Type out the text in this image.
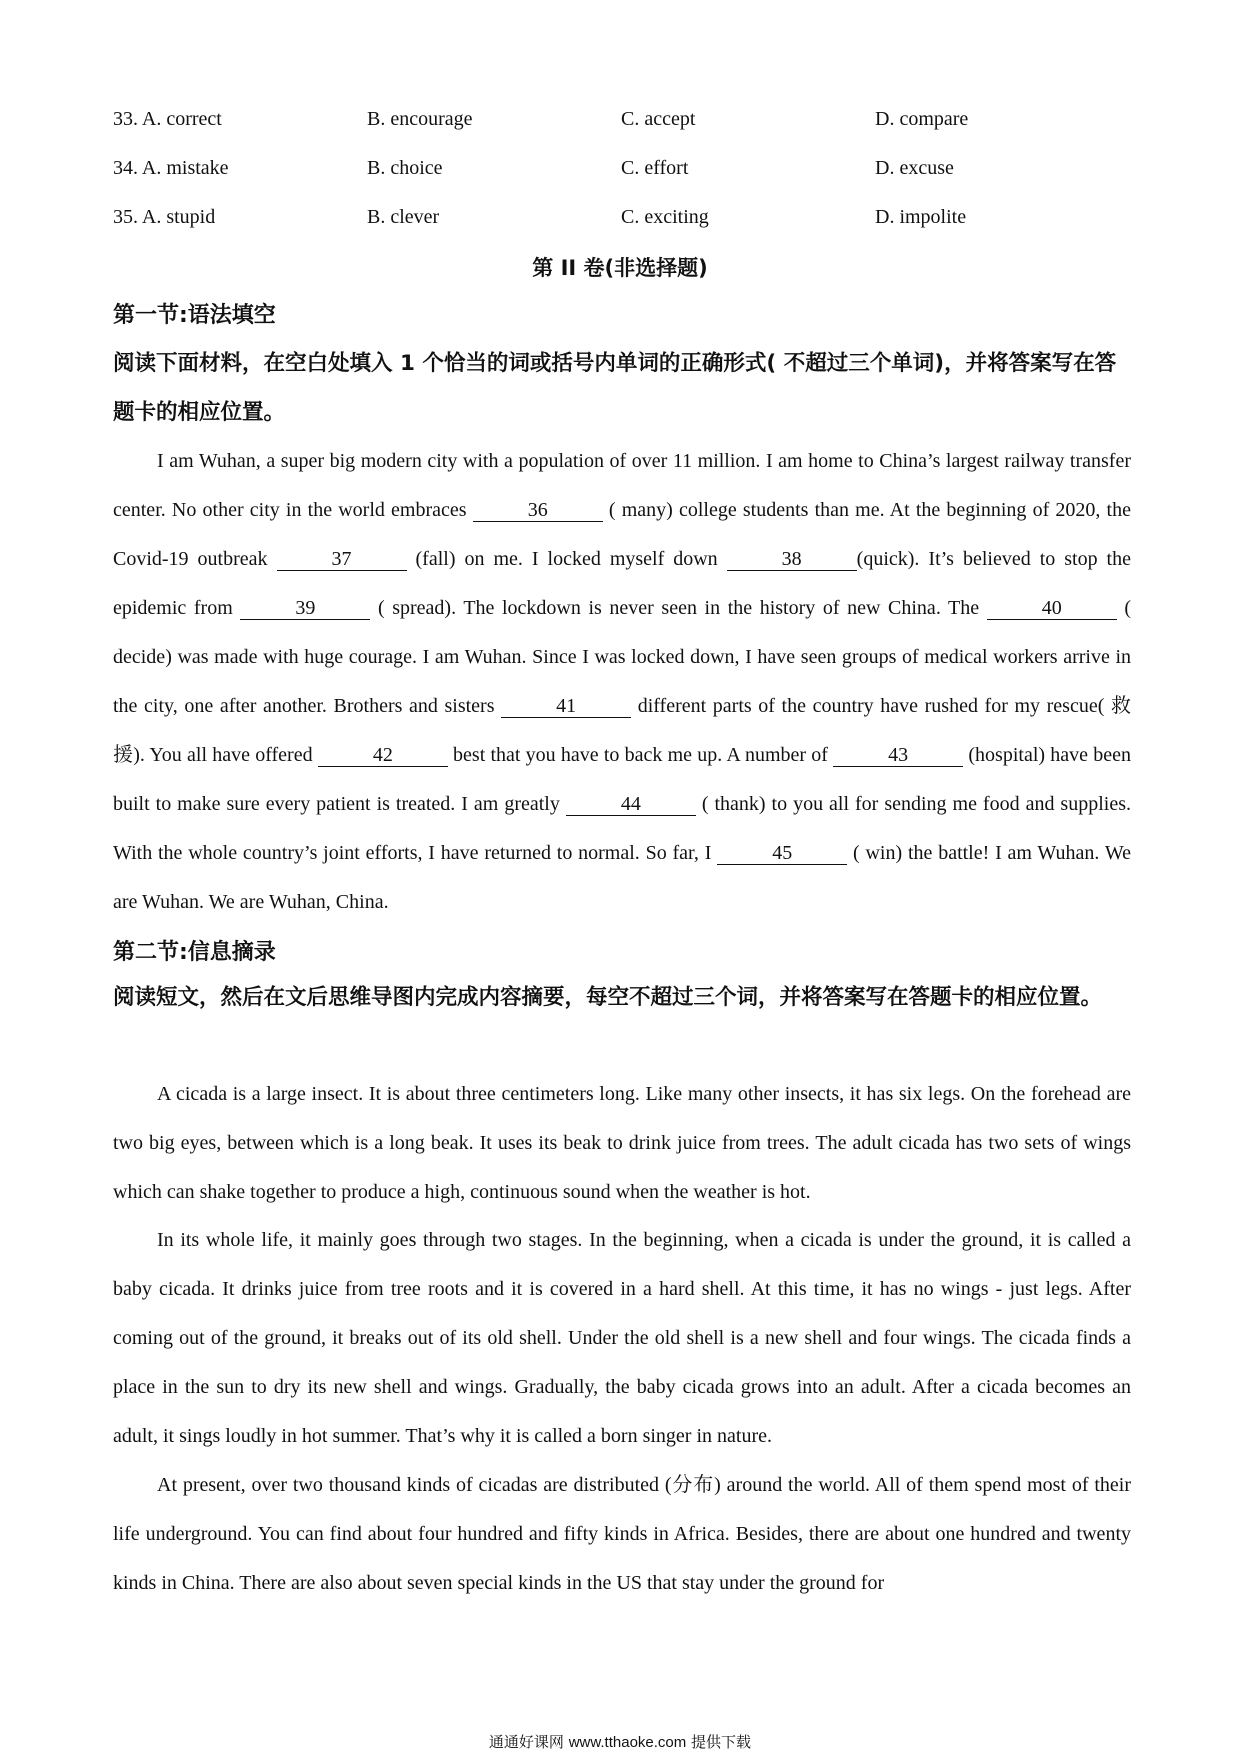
33. A. correct	B. encourage	C. accept	D. compare
34. A. mistake	B. choice	C. effort	D. excuse
35. A. stupid	B. clever	C. exciting	D. impolite
第 II 卷(非选择题)
第一节:语法填空
阅读下面材料，在空白处填入 1 个恰当的词或括号内单词的正确形式( 不超过三个单词)，并将答案写在答题卡的相应位置。
I am Wuhan, a super big modern city with a population of over 11 million. I am home to China’s largest railway transfer center. No other city in the world embraces	36	( many) college students than me. At the beginning of 2020, the Covid-19 outbreak	37	(fall) on me. I locked myself down	38	(quick). It’s believed to stop the epidemic from	39	( spread). The lockdown is never seen in the history of new China. The	40	( decide) was made with huge courage. I am Wuhan. Since I was locked down, I have seen groups of medical workers arrive in the city, one after another. Brothers and sisters	41	different parts of the country have rushed for my rescue( 救援). You all have offered	42	best that you have to back me up. A number of	43	(hospital) have been built to make sure every patient is treated. I am greatly	44	( thank) to you all for sending me food and supplies. With the whole country’s joint efforts, I have returned to normal. So far, I	45	( win) the battle! I am Wuhan. We are Wuhan. We are Wuhan, China.
第二节:信息摘录
阅读短文，然后在文后思维导图内完成内容摘要，每空不超过三个词，并将答案写在答题卡的相应位置。
A cicada is a large insect. It is about three centimeters long. Like many other insects, it has six legs. On the forehead are two big eyes, between which is a long beak. It uses its beak to drink juice from trees. The adult cicada has two sets of wings which can shake together to produce a high, continuous sound when the weather is hot.
In its whole life, it mainly goes through two stages. In the beginning, when a cicada is under the ground, it is called a baby cicada. It drinks juice from tree roots and it is covered in a hard shell. At this time, it has no wings - just legs. After coming out of the ground, it breaks out of its old shell. Under the old shell is a new shell and four wings. The cicada finds a place in the sun to dry its new shell and wings. Gradually, the baby cicada grows into an adult. After a cicada becomes an adult, it sings loudly in hot summer. That’s why it is called a born singer in nature.
At present, over two thousand kinds of cicadas are distributed (分布) around the world. All of them spend most of their life underground. You can find about four hundred and fifty kinds in Africa. Besides, there are about one hundred and twenty kinds in China. There are also about seven special kinds in the US that stay under the ground for
通通好课网 www.tthaoke.com 提供下载
